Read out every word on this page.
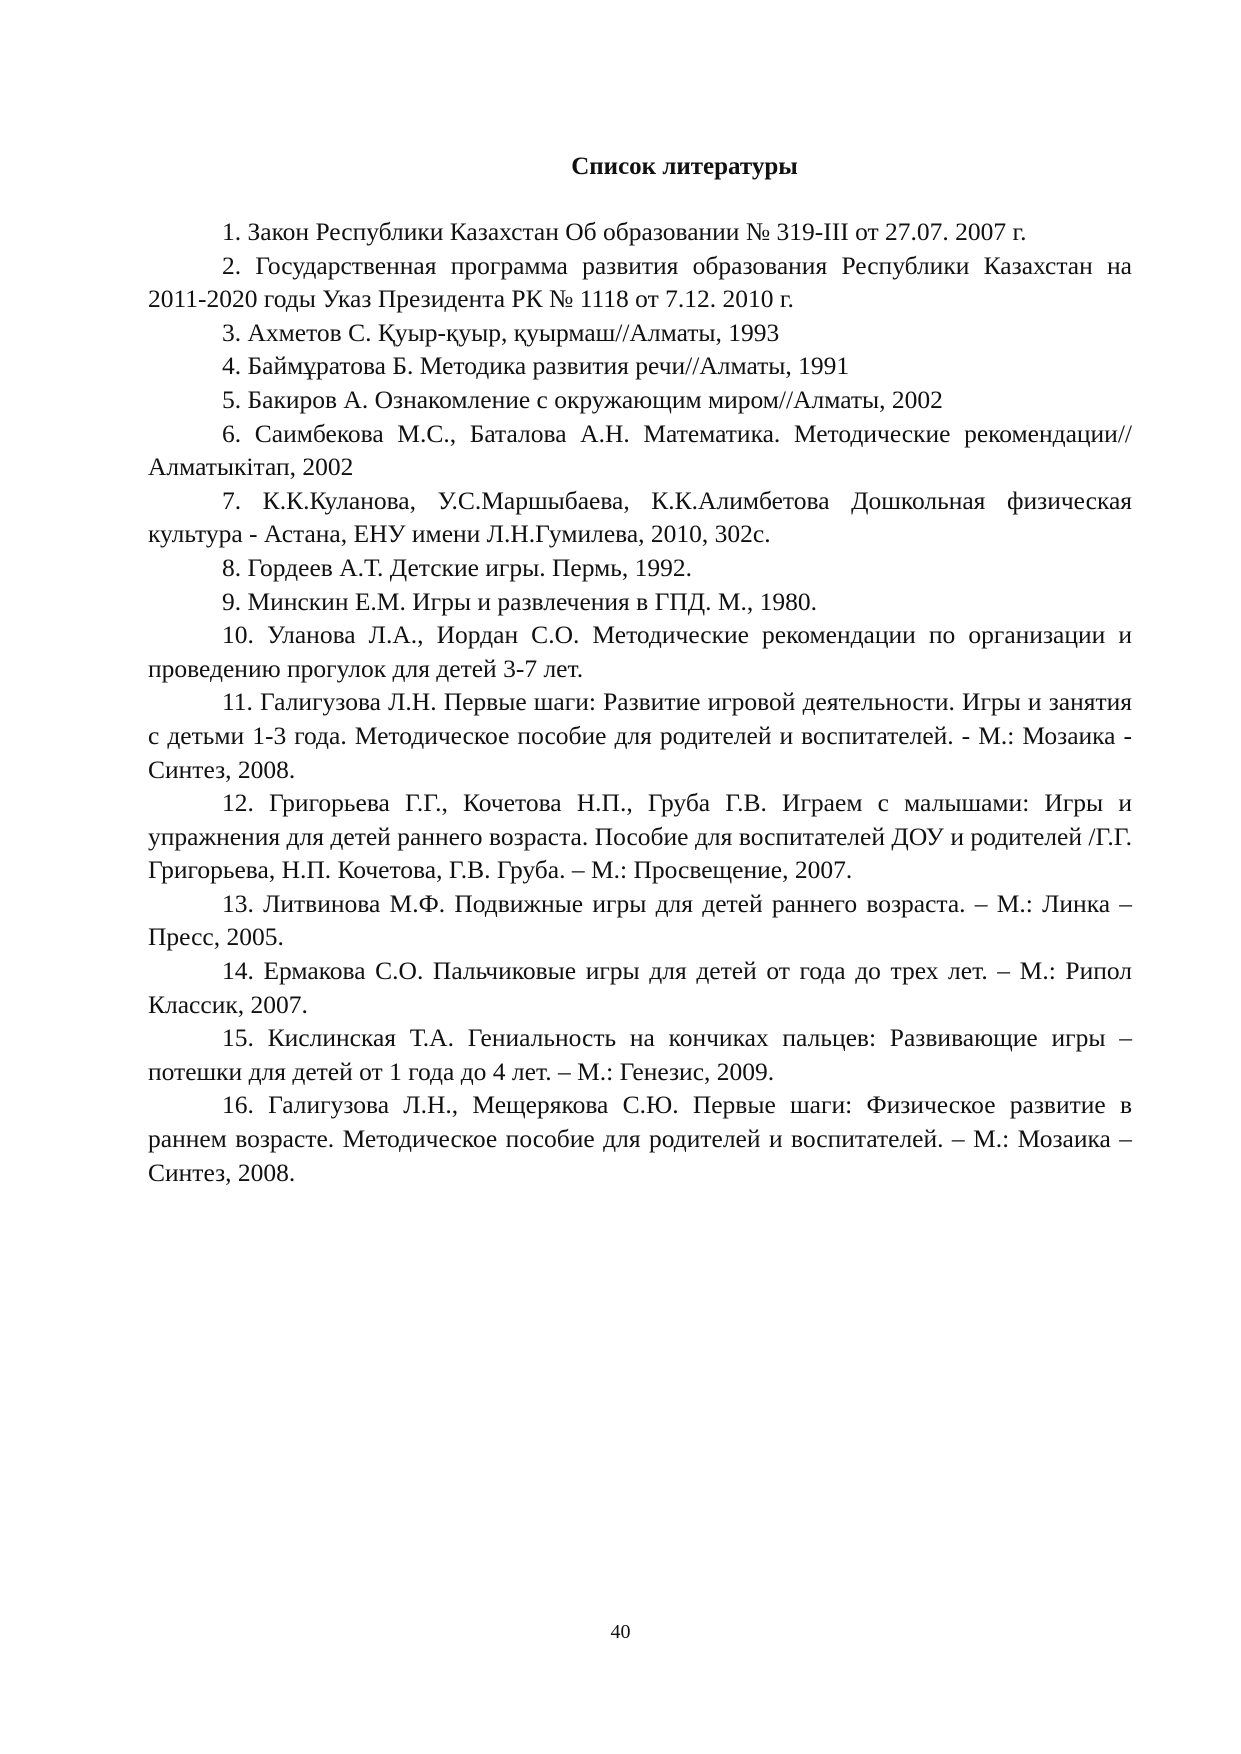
Список литературы
1. Закон Республики Казахстан Об образовании № 319-III от 27.07. 2007 г.
2. Государственная программа развития образования Республики Казахстан на 2011-2020 годы Указ Президента РК № 1118 от 7.12. 2010 г.
3. Ахметов С. Қуыр-қуыр, қуырмаш//Алматы, 1993
4. Баймұратова Б. Методика развития речи//Алматы, 1991
5. Бакиров А. Ознакомление с окружающим миром//Алматы, 2002
6. Саимбекова М.С., Баталова А.Н. Математика. Методические рекомендации// Алматыкітап, 2002
7. К.К.Куланова, У.С.Маршыбаева, К.К.Алимбетова Дошкольная физическая культура - Астана, ЕНУ имени Л.Н.Гумилева, 2010, 302с.
8. Гордеев А.Т. Детские игры. Пермь, 1992.
9. Минскин Е.М. Игры и развлечения в ГПД. М., 1980.
10. Уланова Л.А., Иордан С.О. Методические рекомендации по организации и проведению прогулок для детей 3-7 лет.
11. Галигузова Л.Н. Первые шаги: Развитие игровой деятельности. Игры и занятия с детьми 1-3 года. Методическое пособие для родителей и воспитателей. - М.: Мозаика - Синтез, 2008.
12. Григорьева Г.Г., Кочетова Н.П., Груба Г.В. Играем с малышами: Игры и упражнения для детей раннего возраста. Пособие для воспитателей ДОУ и родителей /Г.Г. Григорьева, Н.П. Кочетова, Г.В. Груба. – М.: Просвещение, 2007.
13. Литвинова М.Ф. Подвижные игры для детей раннего возраста. – М.: Линка – Пресс, 2005.
14. Ермакова С.О. Пальчиковые игры для детей от года до трех лет. – М.: Рипол Классик, 2007.
15. Кислинская Т.А. Гениальность на кончиках пальцев: Развивающие игры – потешки для детей от 1 года до 4 лет. – М.: Генезис, 2009.
16. Галигузова Л.Н., Мещерякова С.Ю. Первые шаги: Физическое развитие в раннем возрасте. Методическое пособие для родителей и воспитателей. – М.: Мозаика – Синтез, 2008.
40
